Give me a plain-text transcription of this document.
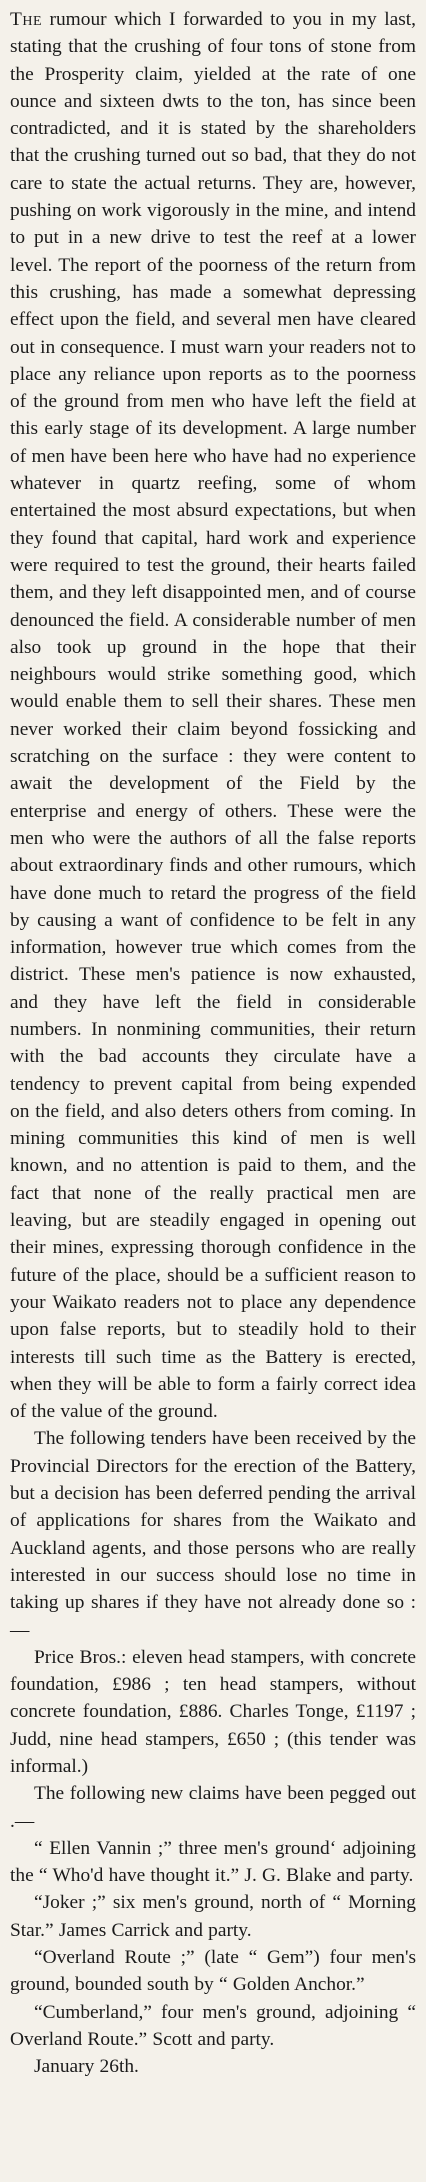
The rumour which I forwarded to you in my last, stating that the crushing of four tons of stone from the Prosperity claim, yielded at the rate of one ounce and sixteen dwts to the ton, has since been contradicted, and it is stated by the shareholders that the crushing turned out so bad, that they do not care to state the actual returns. They are, however, pushing on work vigorously in the mine, and intend to put in a new drive to test the reef at a lower level. The report of the poorness of the return from this crushing, has made a somewhat depressing effect upon the field, and several men have cleared out in consequence. I must warn your readers not to place any reliance upon reports as to the poorness of the ground from men who have left the field at this early stage of its development. A large number of men have been here who have had no experience whatever in quartz reefing, some of whom entertained the most absurd expectations, but when they found that capital, hard work and experience were required to test the ground, their hearts failed them, and they left disappointed men, and of course denounced the field. A considerable number of men also took up ground in the hope that their neighbours would strike something good, which would enable them to sell their shares. These men never worked their claim beyond fossicking and scratching on the surface : they were content to await the development of the Field by the enterprise and energy of others. These were the men who were the authors of all the false reports about extraordinary finds and other rumours, which have done much to retard the progress of the field by causing a want of confidence to be felt in any information, however true which comes from the district. These men's patience is now exhausted, and they have left the field in considerable numbers. In nonmining communities, their return with the bad accounts they circulate have a tendency to prevent capital from being expended on the field, and also deters others from coming. In mining communities this kind of men is well known, and no attention is paid to them, and the fact that none of the really practical men are leaving, but are steadily engaged in opening out their mines, expressing thorough confidence in the future of the place, should be a sufficient reason to your Waikato readers not to place any dependence upon false reports, but to steadily hold to their interests till such time as the Battery is erected, when they will be able to form a fairly correct idea of the value of the ground.

The following tenders have been received by the Provincial Directors for the erection of the Battery, but a decision has been deferred pending the arrival of applications for shares from the Waikato and Auckland agents, and those persons who are really interested in our success should lose no time in taking up shares if they have not already done so :—

Price Bros.: eleven head stampers, with concrete foundation, £986 ; ten head stampers, without concrete foundation, £886. Charles Tonge, £1197 ; Judd, nine head stampers, £650 ; (this tender was informal.)

The following new claims have been pegged out .—

“ Ellen Vannin ;” three men's ground‘ adjoining the “ Who'd have thought it.” J. G. Blake and party.

“Joker ;” six men's ground, north of “ Morning Star.” James Carrick and party.

“Overland Route ;” (late “ Gem”) four men's ground, bounded south by “ Golden Anchor.”

“Cumberland,” four men's ground, adjoining “ Overland Route.” Scott and party.

January 26th.
